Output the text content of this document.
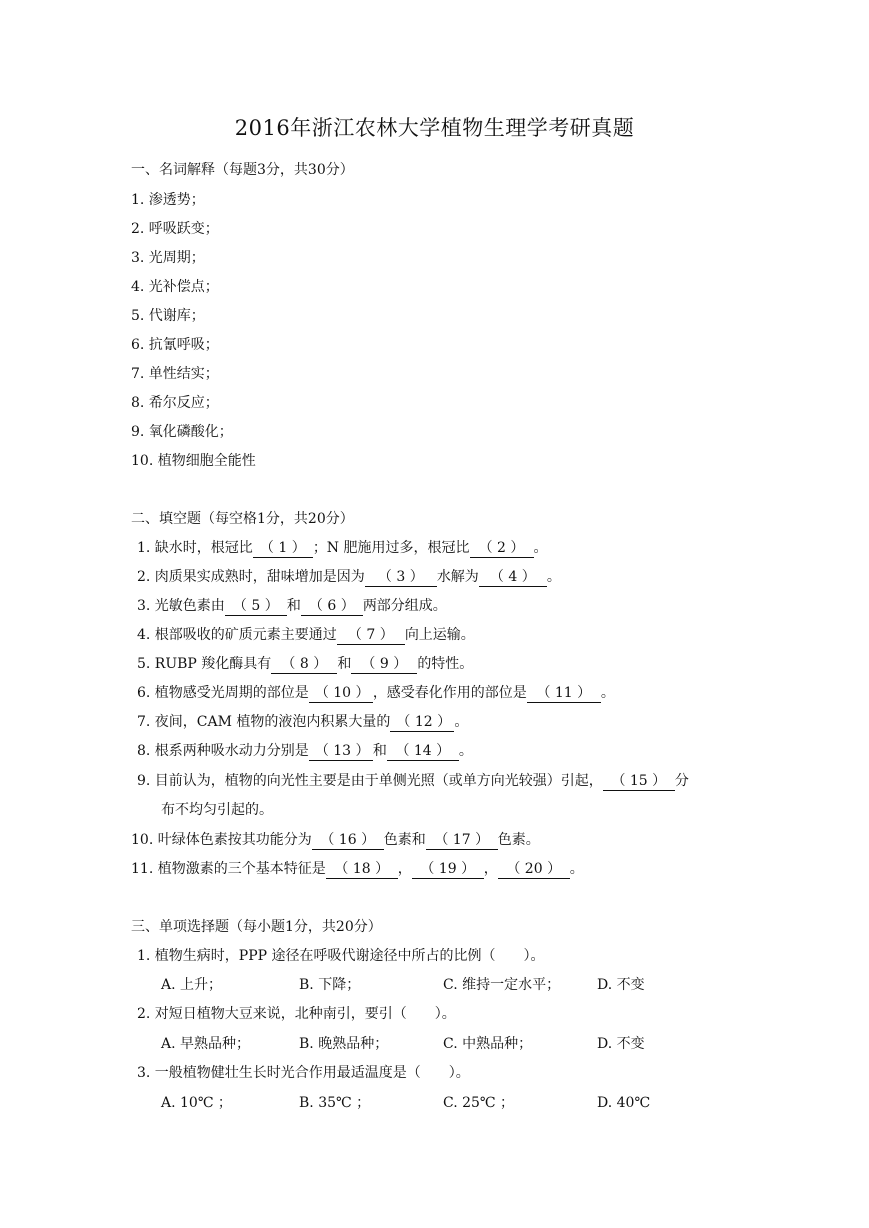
2016年浙江农林大学植物生理学考研真题
一、名词解释（每题3分，共30分）
1. 渗透势；
2. 呼吸跃变；
3. 光周期；
4. 光补偿点；
5. 代谢库；
6. 抗氰呼吸；
7. 单性结实；
8. 希尔反应；
9. 氧化磷酸化；
10. 植物细胞全能性
二、填空题（每空格1分，共20分）
1. 缺水时，根冠比 （ 1 ） ；N 肥施用过多，根冠比 （ 2 ） 。
2. 肉质果实成熟时，甜味增加是因为 （ 3 ） 水解为 （ 4 ） 。
3. 光敏色素由 （ 5 ） 和 （ 6 ） 两部分组成。
4. 根部吸收的矿质元素主要通过 （ 7 ） 向上运输。
5. RUBP 羧化酶具有 （ 8 ） 和 （ 9 ） 的特性。
6. 植物感受光周期的部位是 （ 10 ） ，感受春化作用的部位是 （ 11 ） 。
7. 夜间，CAM 植物的液泡内积累大量的 （ 12 ） 。
8. 根系两种吸水动力分别是 （ 13 ） 和 （ 14 ） 。
9. 目前认为，植物的向光性主要是由于单侧光照（或单方向光较强）引起， （ 15 ） 分
布不均匀引起的。
10. 叶绿体色素按其功能分为 （ 16 ） 色素和 （ 17 ） 色素。
11. 植物激素的三个基本特征是 （ 18 ） ， （ 19 ） ， （ 20 ） 。
三、单项选择题（每小题1分，共20分）
1. 植物生病时，PPP 途径在呼吸代谢途径中所占的比例（　　）。
A. 上升；	B. 下降；	C. 维持一定水平；	D. 不变
2. 对短日植物大豆来说，北种南引，要引（　　）。
A. 早熟品种；	B. 晚熟品种；	C. 中熟品种；	D. 不变
3. 一般植物健壮生长时光合作用最适温度是（　　）。
A. 10℃ ；	B. 35℃ ；	C. 25℃ ；	D. 40℃
